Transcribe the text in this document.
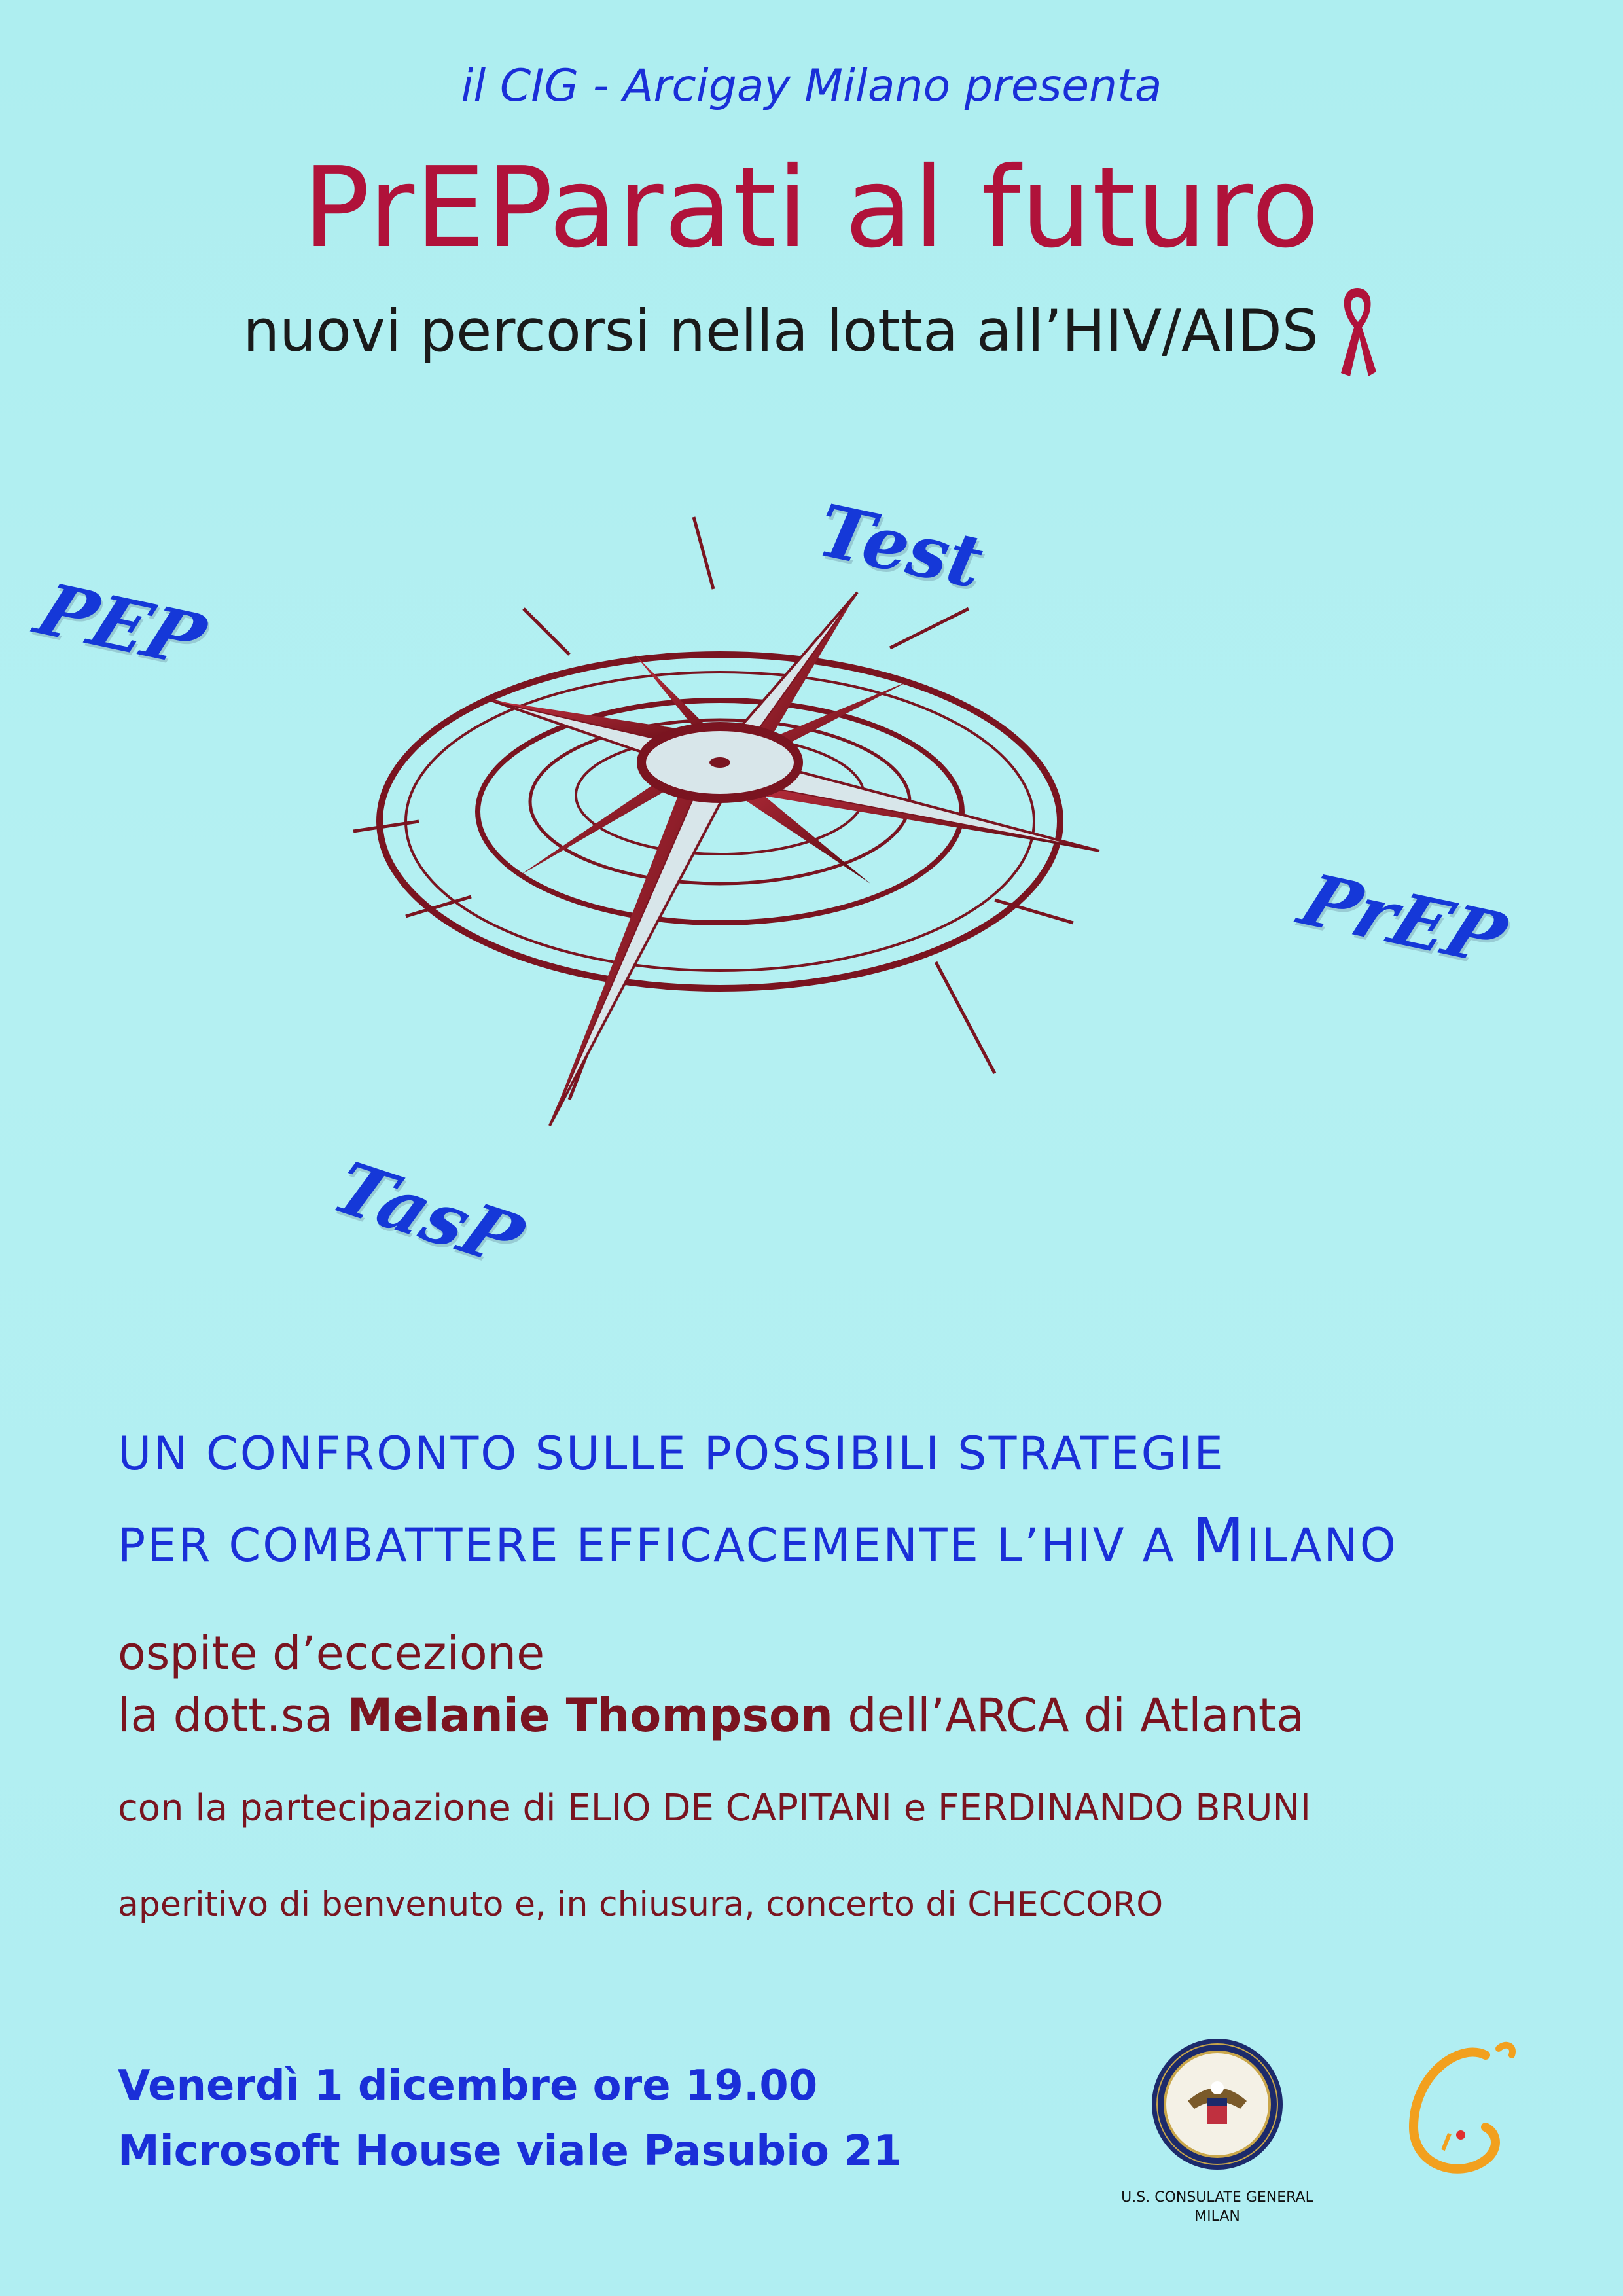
il CIG - Arcigay Milano presenta
PrEParati al futuro
nuovi percorsi nella lotta all’HIV/AIDS
Test
PEP
PrEP
TasP
UN CONFRONTO SULLE POSSIBILI STRATEGIE
PER COMBATTERE EFFICACEMENTE L’HIV A MILANO
ospite d’eccezione
la dott.sa Melanie Thompson dell’ARCA di Atlanta
con la partecipazione di ELIO DE CAPITANI e FERDINANDO BRUNI
aperitivo di benvenuto e, in chiusura, concerto di CHECCORO
Venerdì 1 dicembre ore 19.00
Microsoft House viale Pasubio 21
U.S. CONSULATE GENERAL
MILAN
